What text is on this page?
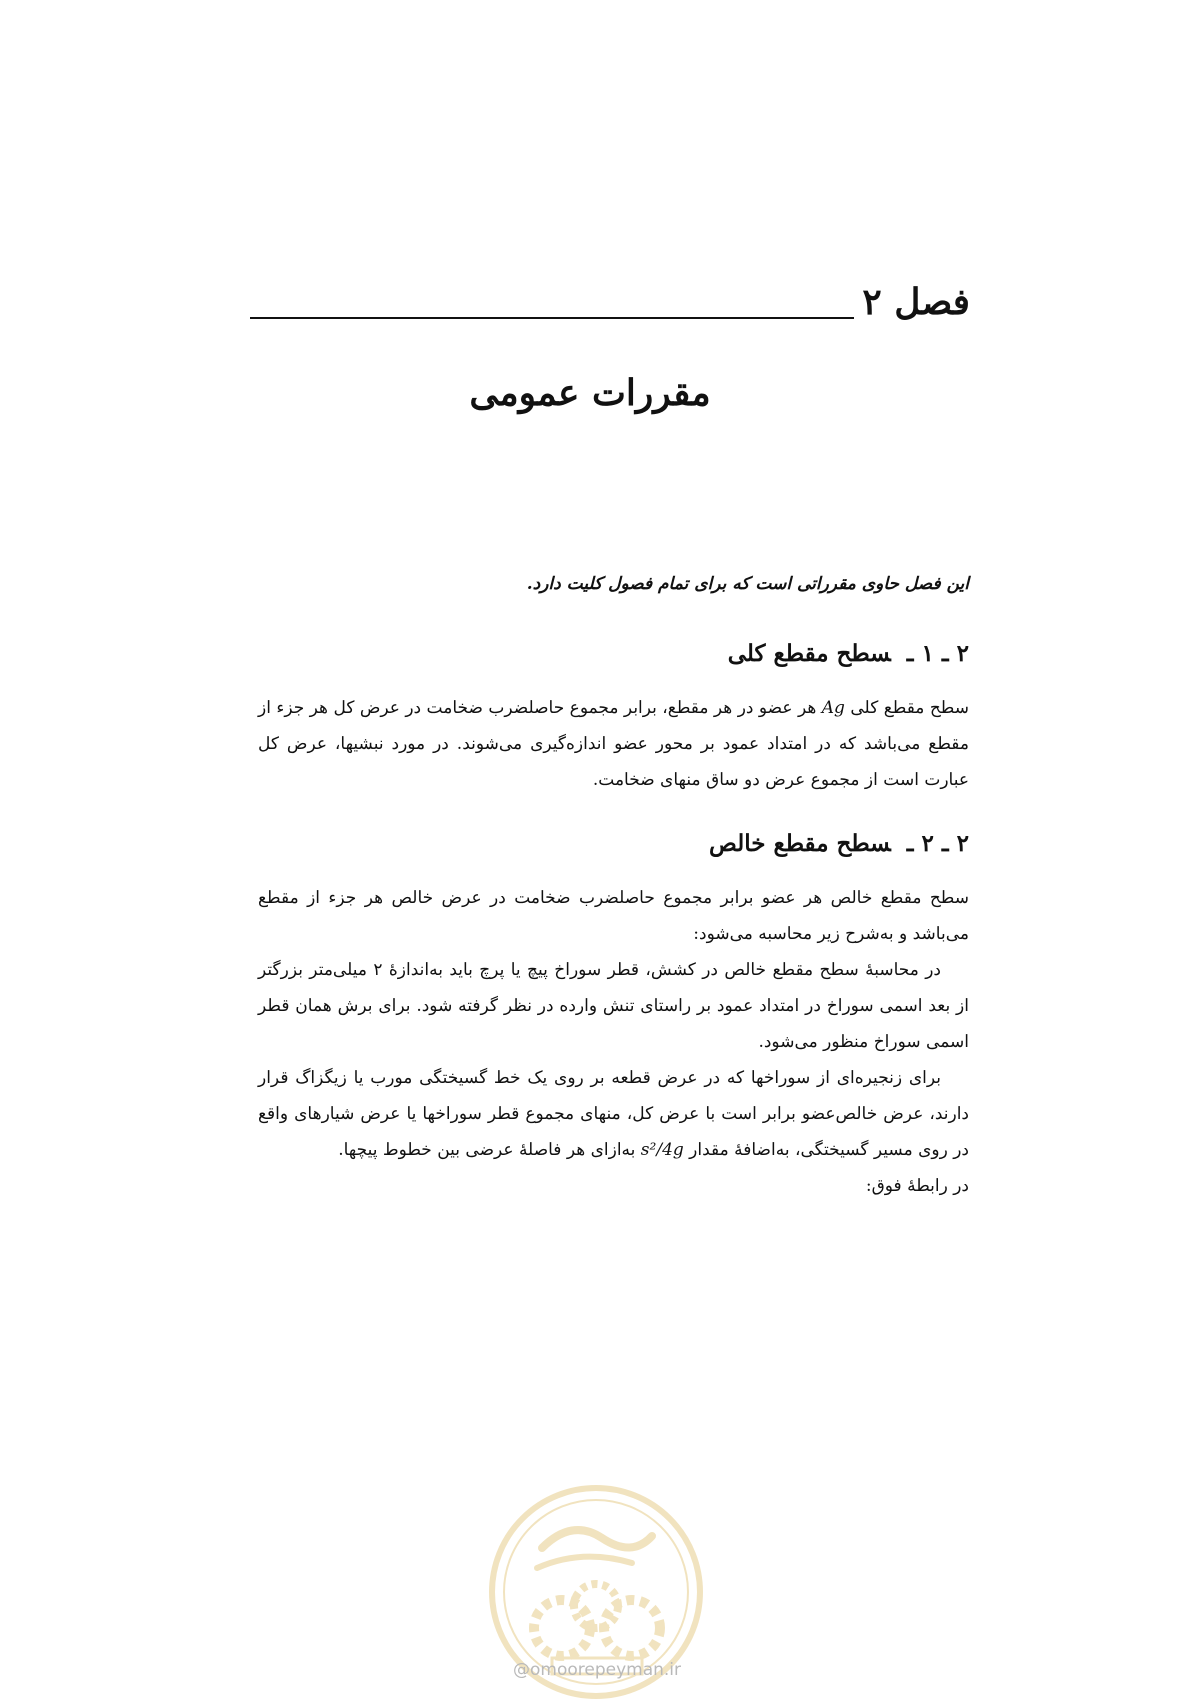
فصل ۲
مقررات عمومی

این فصل حاوی مقرراتی است که برای تمام فصول کلیت دارد.

۲ ـ ۱ ـسطح مقطع کلی

سطح مقطع کلی Ag هر عضو در هر مقطع، برابر مجموع حاصلضرب ضخامت در عرض کل هر جزء از مقطع می‌باشد که در امتداد عمود بر محور عضو اندازه‌گیری می‌شوند. در مورد نبشیها، عرض کل عبارت است از مجموع عرض دو ساق منهای ضخامت.

۲ ـ ۲ ـسطح مقطع خالص

سطح مقطع خالص هر عضو برابر مجموع حاصلضرب ضخامت در عرض خالص هر جزء از مقطع می‌باشد و به‌شرح زیر محاسبه می‌شود:

در محاسبهٔ سطح مقطع خالص در کشش، قطر سوراخ پیچ یا پرچ باید به‌اندازهٔ ۲ میلی‌متر بزرگتر از بعد اسمی سوراخ در امتداد عمود بر راستای تنش وارده در نظر گرفته شود. برای برش همان قطر اسمی سوراخ منظور می‌شود.

برای زنجیره‌ای از سوراخها که در عرض قطعه بر روی یک خط گسیختگی مورب یا زیگزاگ قرار دارند، عرض خالص‌عضو برابر است با عرض کل، منهای مجموع قطر سوراخها یا عرض شیارهای واقع در روی مسیر گسیختگی، به‌اضافهٔ مقدار s²/4g به‌ازای هر فاصلهٔ عرضی بین خطوط پیچها.

در رابطهٔ فوق:

@omoorepeyman.ir
